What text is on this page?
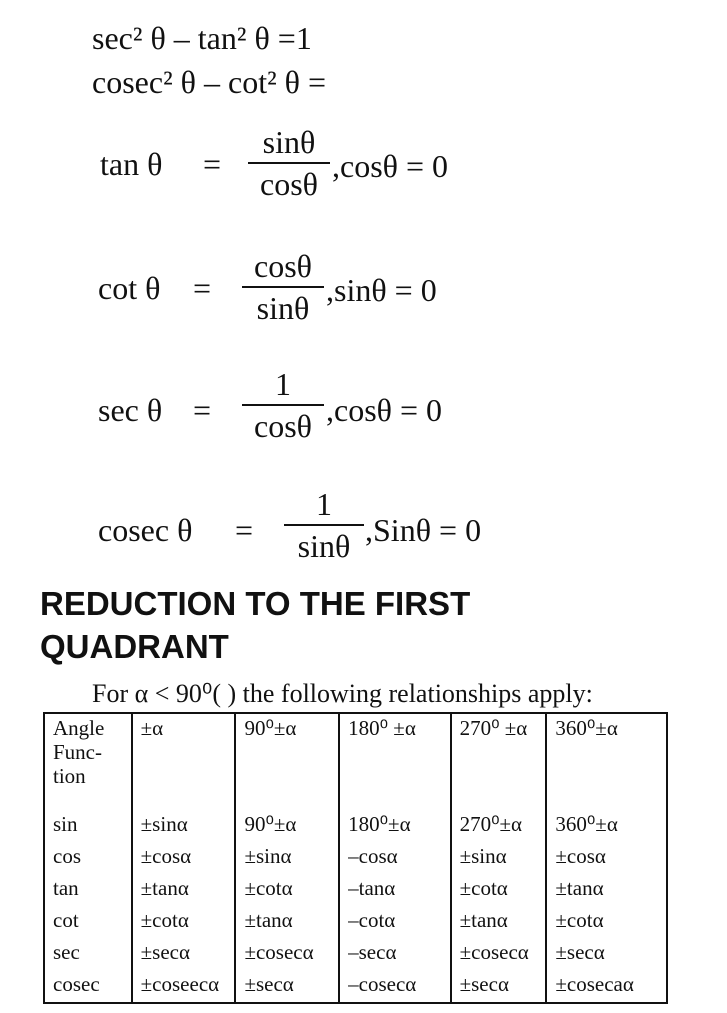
sec² θ – tan² θ =1
cosec² θ – cot² θ =
tan θ =
sinθ
cosθ ,cosθ = 0
cot θ =
cosθ
sinθ ,sinθ = 0
sec θ =
1
cosθ ,cosθ = 0
cosec θ =
1
sinθ ,Sinθ = 0
REDUCTION TO THE FIRST
QUADRANT
For α < 90⁰( ) the following relationships apply:
Angle
Func-
tion	±α	90⁰±α	180⁰ ±α	270⁰ ±α	360⁰±α
sin	±sinα	90⁰±α	180⁰±α	270⁰±α	360⁰±α
cos	±cosα	±sinα	–cosα	±sinα	±cosα
tan	±tanα	±cotα	–tanα	±cotα	±tanα
cot	±cotα	±tanα	–cotα	±tanα	±cotα
sec	±secα	±cosecα	–secα	±cosecα	±secα
cosec	±coseecα	±secα	–cosecα	±secα	±cosecaα
